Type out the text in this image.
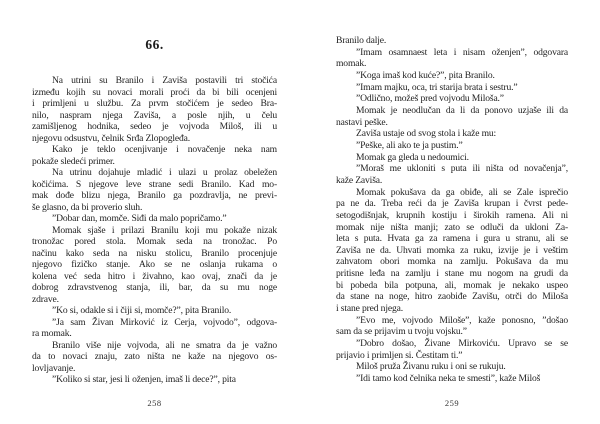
66.
Na utrini su Branilo i Zaviša postavili tri stočića
između kojih su novaci morali proći da bi bili ocenjeni
i primljeni u službu. Za prvm stočićem je sedeo Bra-
nilo, naspram njega Zaviša, a posle njih, u čelu
zamišljenog hodnika, sedeo je vojvoda Miloš, ili u
njegovu odsustvu, čelnik Srđa Zlopogleđa.
Kako je teklo ocenjivanje i novačenje neka nam
pokaže sledeći primer.
Na utrinu dojahuje mladić i ulazi u prolaz obeležen
kočićima. S njegove leve strane sedi Branilo. Kad mo-
mak dođe blizu njega, Branilo ga pozdravlja, ne previ-
še glasno, da bi proverio sluh.
”Dobar dan, momče. Siđi da malo popričamo.”
Momak sjaše i prilazi Branilu koji mu pokaže nizak
tronožac pored stola. Momak seda na tronožac. Po
načinu kako seda na nisku stolicu, Branilo procenjuje
njegovo fizičko stanje. Ako se ne oslanja rukama o
kolena već seda hitro i živahno, kao ovaj, znači da je
dobrog zdravstvenog stanja, ili, bar, da su mu noge
zdrave.
”Ko si, odakle si i čiji si, momče?”, pita Branilo.
”Ja sam Živan Mirković iz Cerja, vojvodo”, odgova-
ra momak.
Branilo više nije vojvoda, ali ne smatra da je važno
da to novaci znaju, zato ništa ne kaže na njegovo os-
lovljavanje.
”Koliko si star, jesi li oženjen, imaš li dece?”, pita
258
Branilo dalje.
”Imam osamnaest leta i nisam oženjen”, odgovara
momak.
”Koga imaš kod kuće?”, pita Branilo.
”Imam majku, oca, tri starija brata i sestru.”
”Odlično, možeš pred vojvodu Miloša.”
Momak je neodlučan da li da ponovo uzjaše ili da
nastavi peške.
Zaviša ustaje od svog stola i kaže mu:
”Peške, ali ako te ja pustim.”
Momak ga gleda u nedoumici.
”Moraš me ukloniti s puta ili ništa od novačenja”,
kaže Zaviša.
Momak pokušava da ga obiđe, ali se Zale isprečio
pa ne da. Treba reći da je Zaviša krupan i čvrst pede-
setogodišnjak, krupnih kostiju i širokih ramena. Ali ni
momak nije ništa manji; zato se odluči da ukloni Za-
leta s puta. Hvata ga za ramena i gura u stranu, ali se
Zaviša ne da. Uhvati momka za ruku, izvije je i veštim
zahvatom obori momka na zamlju. Pokušava da mu
pritisne leđa na zamlju i stane mu nogom na grudi da
bi pobeda bila potpuna, ali, momak je nekako uspeo
da stane na noge, hitro zaobiđe Zavišu, otrči do Miloša
i stane pred njega.
”Evo me, vojvodo Miloše”, kaže ponosno, ”došao
sam da se prijavim u tvoju vojsku.”
”Dobro došao, Živane Mirkoviću. Upravo se se
prijavio i primljen si. Čestitam ti.”
Miloš pruža Živanu ruku i oni se rukuju.
”Idi tamo kod čelnika neka te smesti”, kaže Miloš
259
